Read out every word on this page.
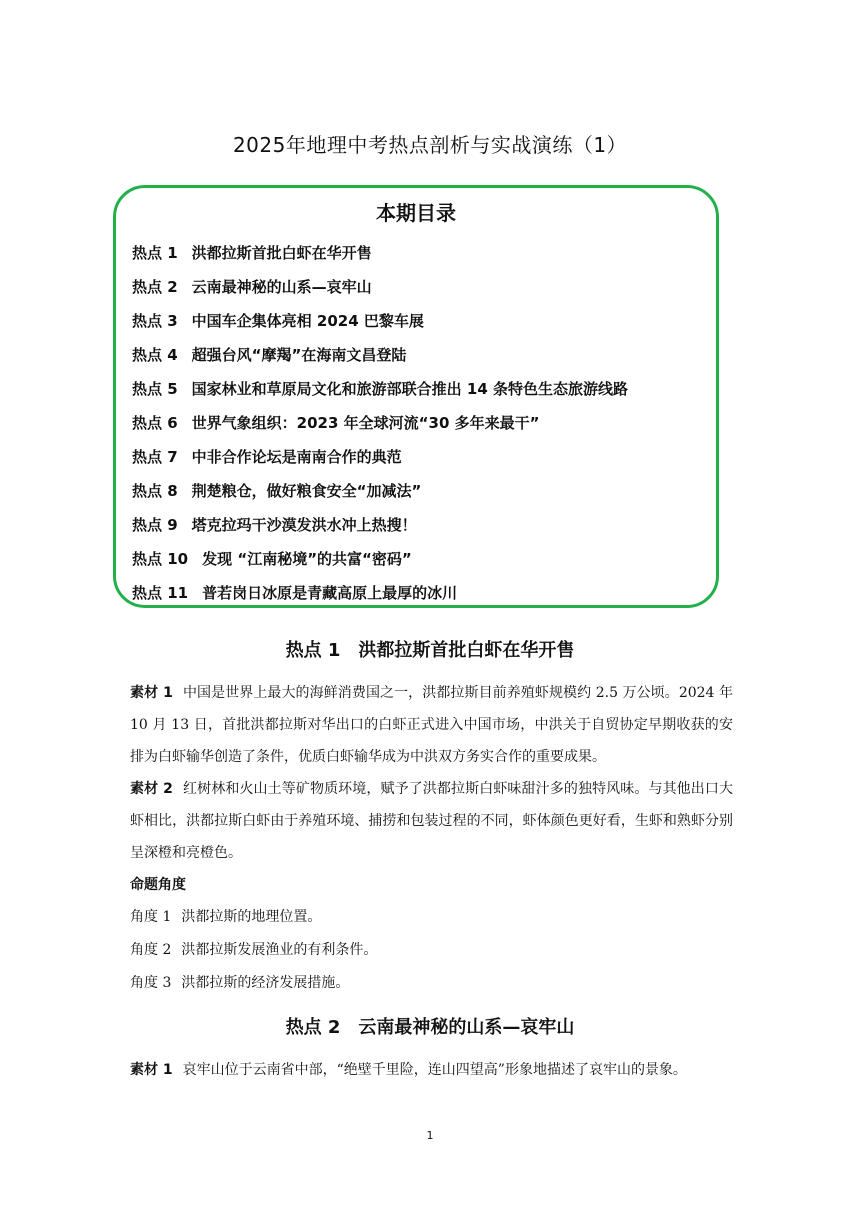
2025年地理中考热点剖析与实战演练（1）
本期目录
热点 1 洪都拉斯首批白虾在华开售
热点 2 云南最神秘的山系—哀牢山
热点 3 中国车企集体亮相 2024 巴黎车展
热点 4 超强台风“摩羯”在海南文昌登陆
热点 5 国家林业和草原局文化和旅游部联合推出 14 条特色生态旅游线路
热点 6 世界气象组织：2023 年全球河流“30 多年来最干”
热点 7 中非合作论坛是南南合作的典范
热点 8 荆楚粮仓，做好粮食安全“加减法”
热点 9 塔克拉玛干沙漠发洪水冲上热搜！
热点 10 发现 “江南秘境”的共富“密码”
热点 11 普若岗日冰原是青藏高原上最厚的冰川
热点 1　洪都拉斯首批白虾在华开售

素材 1 中国是世界上最大的海鲜消费国之一，洪都拉斯目前养殖虾规模约 2.5 万公顷。2024 年 10 月 13 日，首批洪都拉斯对华出口的白虾正式进入中国市场，中洪关于自贸协定早期收获的安排为白虾输华创造了条件，优质白虾输华成为中洪双方务实合作的重要成果。

素材 2 红树林和火山土等矿物质环境，赋予了洪都拉斯白虾味甜汁多的独特风味。与其他出口大虾相比，洪都拉斯白虾由于养殖环境、捕捞和包装过程的不同，虾体颜色更好看，生虾和熟虾分别呈深橙和亮橙色。

命题角度

角度 1 洪都拉斯的地理位置。

角度 2 洪都拉斯发展渔业的有利条件。

角度 3 洪都拉斯的经济发展措施。

热点 2　云南最神秘的山系—哀牢山

素材 1 哀牢山位于云南省中部，“绝壁千里险，连山四望高”形象地描述了哀牢山的景象。

1
